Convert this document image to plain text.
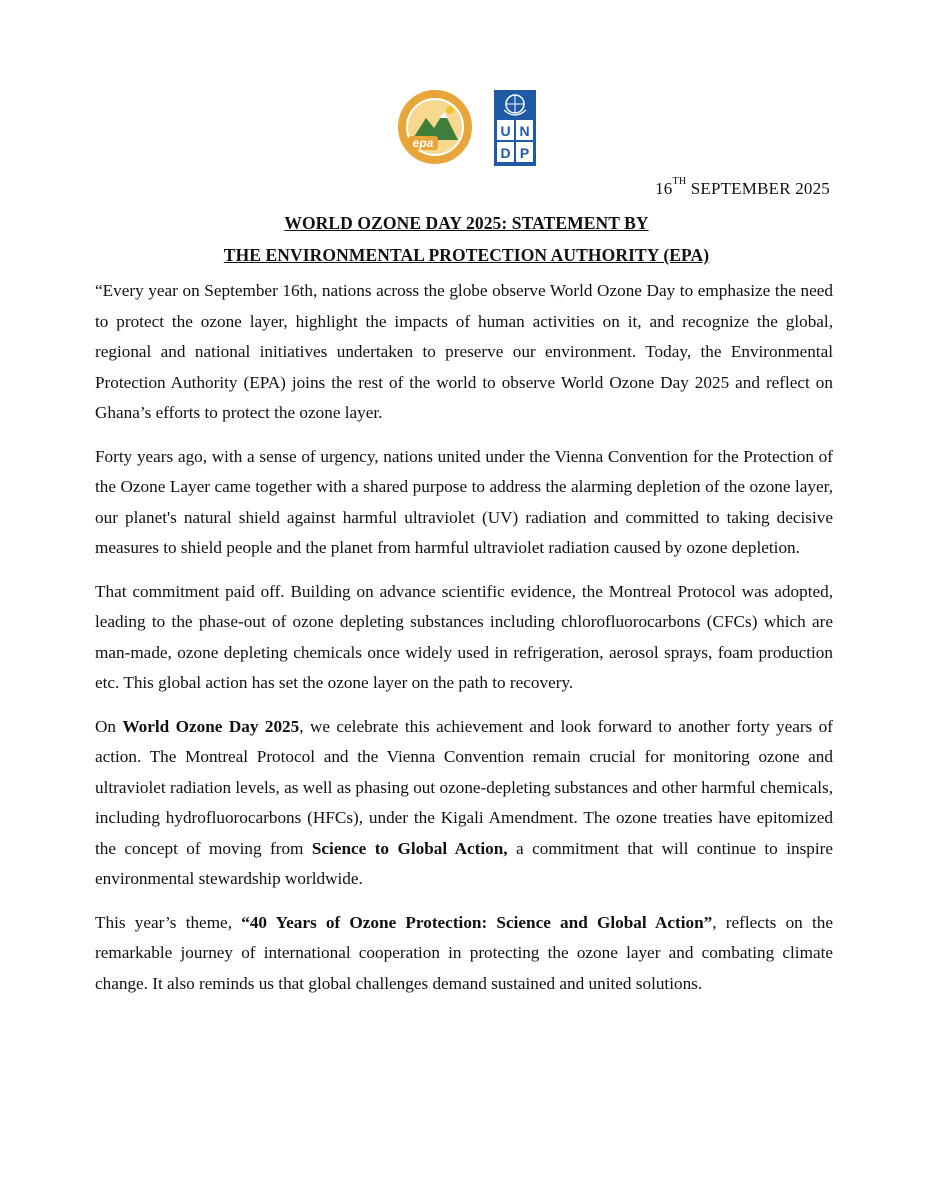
epa
U N
D P
16TH SEPTEMBER 2025
WORLD OZONE DAY 2025: STATEMENT BY
THE ENVIRONMENTAL PROTECTION AUTHORITY (EPA)

“Every year on September 16th, nations across the globe observe World Ozone Day to emphasize the need to protect the ozone layer, highlight the impacts of human activities on it, and recognize the global, regional and national initiatives undertaken to preserve our environment. Today, the Environmental Protection Authority (EPA) joins the rest of the world to observe World Ozone Day 2025 and reflect on Ghana’s efforts to protect the ozone layer.

Forty years ago, with a sense of urgency, nations united under the Vienna Convention for the Protection of the Ozone Layer came together with a shared purpose to address the alarming depletion of the ozone layer, our planet's natural shield against harmful ultraviolet (UV) radiation and committed to taking decisive measures to shield people and the planet from harmful ultraviolet radiation caused by ozone depletion.

That commitment paid off. Building on advance scientific evidence, the Montreal Protocol was adopted, leading to the phase-out of ozone depleting substances including chlorofluorocarbons (CFCs) which are man-made, ozone depleting chemicals once widely used in refrigeration, aerosol sprays, foam production etc. This global action has set the ozone layer on the path to recovery.

On World Ozone Day 2025, we celebrate this achievement and look forward to another forty years of action. The Montreal Protocol and the Vienna Convention remain crucial for monitoring ozone and ultraviolet radiation levels, as well as phasing out ozone-depleting substances and other harmful chemicals, including hydrofluorocarbons (HFCs), under the Kigali Amendment. The ozone treaties have epitomized the concept of moving from Science to Global Action, a commitment that will continue to inspire environmental stewardship worldwide.

This year’s theme, “40 Years of Ozone Protection: Science and Global Action”, reflects on the remarkable journey of international cooperation in protecting the ozone layer and combating climate change. It also reminds us that global challenges demand sustained and united solutions.
